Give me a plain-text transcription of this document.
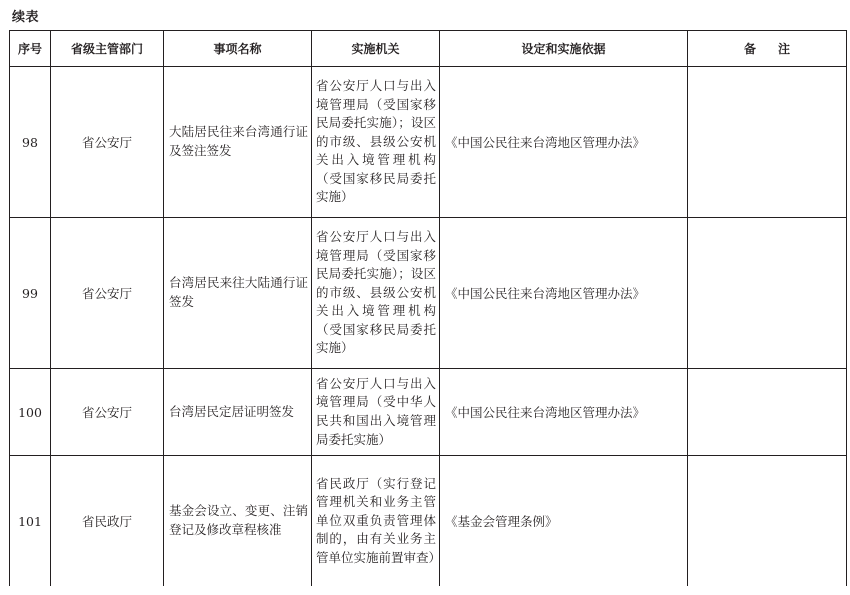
续表
序号	省级主管部门	事项名称	实施机关	设定和实施依据	备注
98	省公安厅	大陆居民往来台湾通行证及签注签发	省公安厅人口与出入境管理局（受国家移民局委托实施）；设区的市级、县级公安机关出入境管理机构（受国家移民局委托实施）	《中国公民往来台湾地区管理办法》	
99	省公安厅	台湾居民来往大陆通行证签发	省公安厅人口与出入境管理局（受国家移民局委托实施）；设区的市级、县级公安机关出入境管理机构（受国家移民局委托实施）	《中国公民往来台湾地区管理办法》	
100	省公安厅	台湾居民定居证明签发	省公安厅人口与出入境管理局（受中华人民共和国出入境管理局委托实施）	《中国公民往来台湾地区管理办法》	
101	省民政厅	基金会设立、变更、注销登记及修改章程核准	省民政厅（实行登记管理机关和业务主管单位双重负责管理体制的，由有关业务主管单位实施前置审查）	《基金会管理条例》	
